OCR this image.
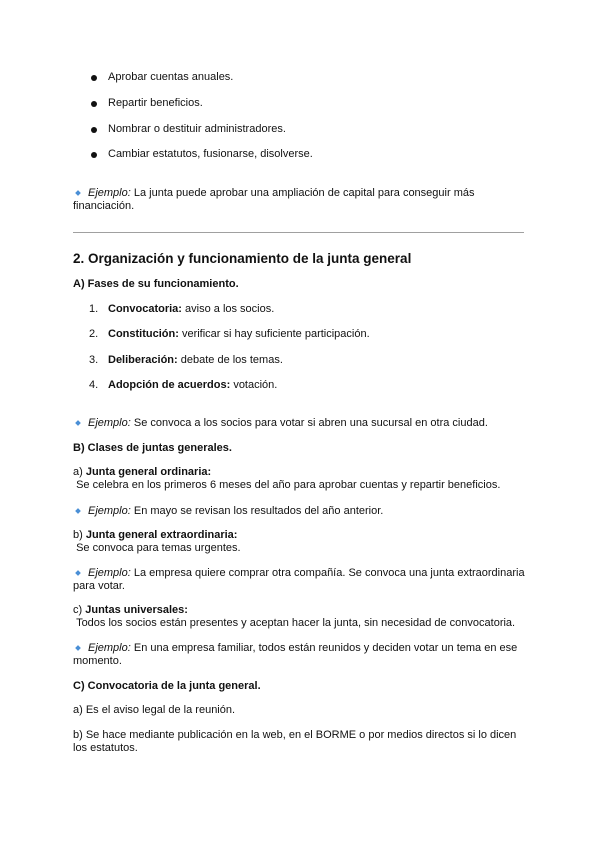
Aprobar cuentas anuales.
Repartir beneficios.
Nombrar o destituir administradores.
Cambiar estatutos, fusionarse, disolverse.
Ejemplo: La junta puede aprobar una ampliación de capital para conseguir más financiación.
2. Organización y funcionamiento de la junta general
A) Fases de su funcionamiento.
1. Convocatoria: aviso a los socios.
2. Constitución: verificar si hay suficiente participación.
3. Deliberación: debate de los temas.
4. Adopción de acuerdos: votación.
Ejemplo: Se convoca a los socios para votar si abren una sucursal en otra ciudad.
B) Clases de juntas generales.
a) Junta general ordinaria:
Se celebra en los primeros 6 meses del año para aprobar cuentas y repartir beneficios.
Ejemplo: En mayo se revisan los resultados del año anterior.
b) Junta general extraordinaria:
Se convoca para temas urgentes.
Ejemplo: La empresa quiere comprar otra compañía. Se convoca una junta extraordinaria para votar.
c) Juntas universales:
Todos los socios están presentes y aceptan hacer la junta, sin necesidad de convocatoria.
Ejemplo: En una empresa familiar, todos están reunidos y deciden votar un tema en ese momento.
C) Convocatoria de la junta general.
a) Es el aviso legal de la reunión.
b) Se hace mediante publicación en la web, en el BORME o por medios directos si lo dicen los estatutos.
